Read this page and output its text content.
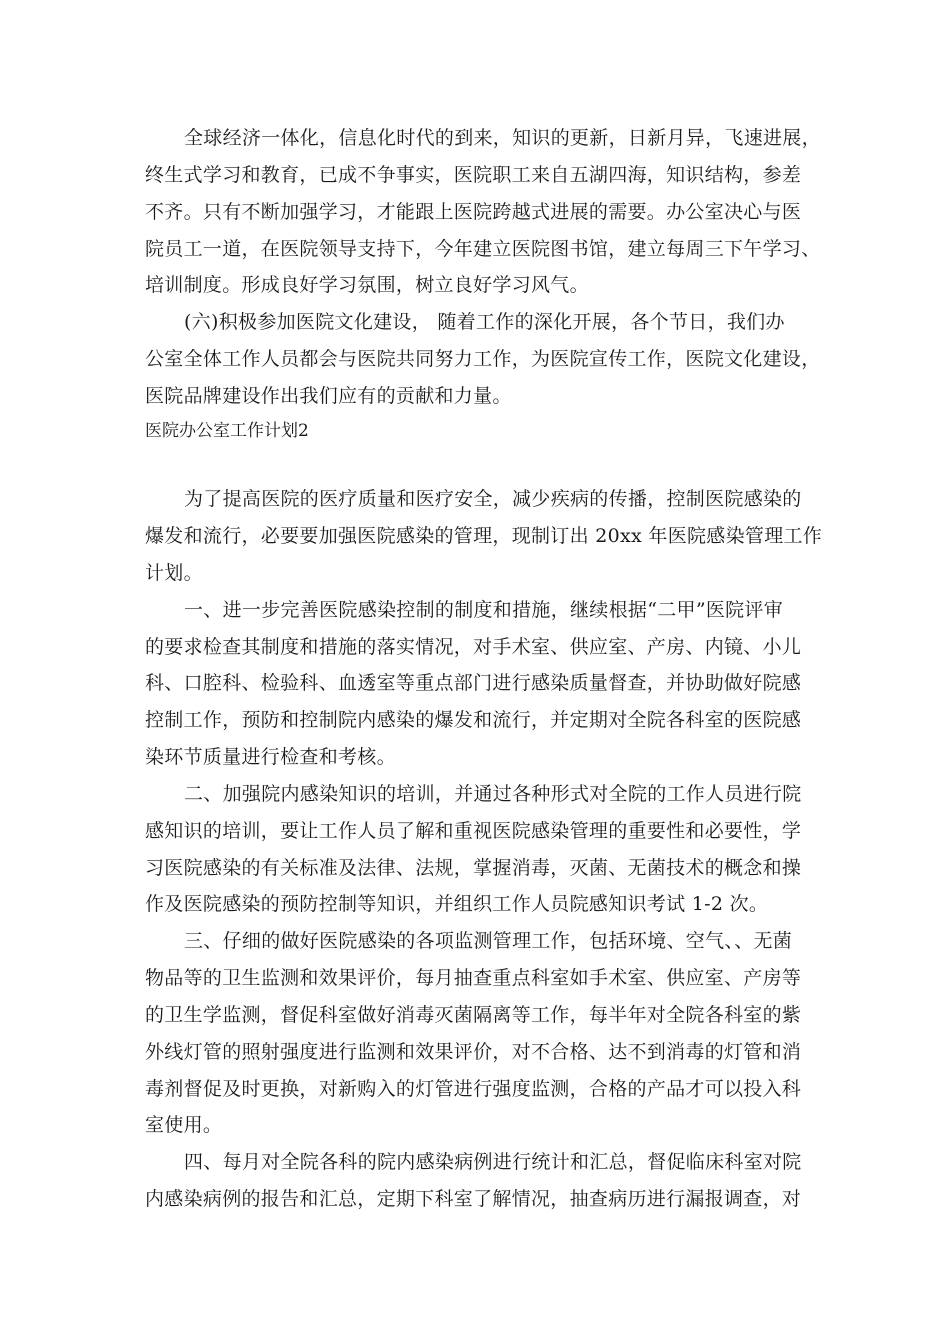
全球经济一体化，信息化时代的到来，知识的更新，日新月异，飞速进展，
终生式学习和教育，已成不争事实，医院职工来自五湖四海，知识结构，参差
不齐。只有不断加强学习，才能跟上医院跨越式进展的需要。办公室决心与医
院员工一道，在医院领导支持下，今年建立医院图书馆，建立每周三下午学习、
培训制度。形成良好学习氛围，树立良好学习风气。
(六)积极参加医院文化建设， 随着工作的深化开展，各个节日，我们办
公室全体工作人员都会与医院共同努力工作，为医院宣传工作，医院文化建设，
医院品牌建设作出我们应有的贡献和力量。
医院办公室工作计划2
为了提高医院的医疗质量和医疗安全，减少疾病的传播，控制医院感染的
爆发和流行，必要要加强医院感染的管理，现制订出 20xx 年医院感染管理工作
计划。
一、进一步完善医院感染控制的制度和措施，继续根据“二甲”医院评审
的要求检查其制度和措施的落实情况，对手术室、供应室、产房、内镜、小儿
科、口腔科、检验科、血透室等重点部门进行感染质量督查，并协助做好院感
控制工作，预防和控制院内感染的爆发和流行，并定期对全院各科室的医院感
染环节质量进行检查和考核。
二、加强院内感染知识的培训，并通过各种形式对全院的工作人员进行院
感知识的培训，要让工作人员了解和重视医院感染管理的重要性和必要性，学
习医院感染的有关标准及法律、法规，掌握消毒，灭菌、无菌技术的概念和操
作及医院感染的预防控制等知识，并组织工作人员院感知识考试 1-2 次。
三、仔细的做好医院感染的各项监测管理工作，包括环境、空气、、无菌
物品等的卫生监测和效果评价，每月抽查重点科室如手术室、供应室、产房等
的卫生学监测，督促科室做好消毒灭菌隔离等工作，每半年对全院各科室的紫
外线灯管的照射强度进行监测和效果评价，对不合格、达不到消毒的灯管和消
毒剂督促及时更换，对新购入的灯管进行强度监测，合格的产品才可以投入科
室使用。
四、每月对全院各科的院内感染病例进行统计和汇总，督促临床科室对院
内感染病例的报告和汇总，定期下科室了解情况，抽查病历进行漏报调查，对
